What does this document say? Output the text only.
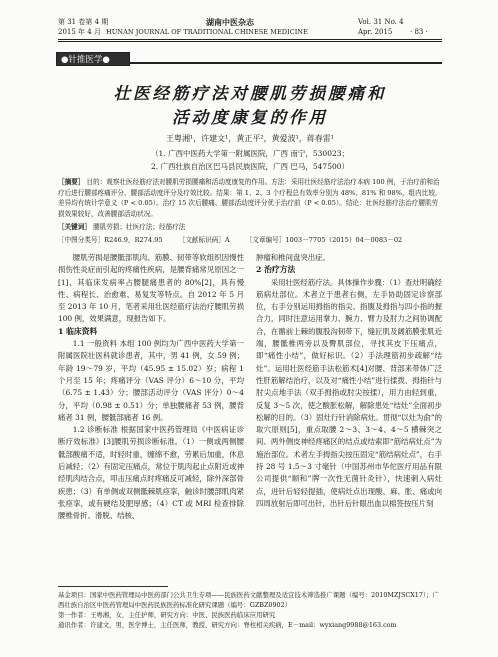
第 31 卷第 4 期	湖南中医杂志	Vol. 31 No. 4
2015 年 4 月 HUNAN JOURNAL OF TRADITIONAL CHINESE MEDICINE	Apr. 2015	· 83 ·
●针推医学●
壮医经筋疗法对腰肌劳损腰痛和
活动度康复的作用
王粤湘¹，许建文¹，黄正平²，黄爱波¹，蒋春雷¹
（1. 广西中医药大学第一附属医院，广西 南宁，530023；
2. 广西壮族自治区巴马县民族医院，广西 巴马，547500）
［摘要］ 目的：观察壮医经筋疗法对腰肌劳损腰痛和活动度康复的作用。方法：采用壮医经筋疗法治疗本病 100 例，于治疗前和治疗后进行腰部疼痛评分、腰部活动度评分及疗效比较。结果：第 1、2、3 个疗程总有效率分别为 48%、81% 和 98%，组内比较，差异均有统计学意义（P < 0.05）。治疗 15 次后腰痛、腰部活动度评分优于治疗前（P < 0.05）。结论：壮医经筋疗法治疗腰肌劳损效果较好，改善腰部活动状况。
［关键词］ 腰肌劳损；壮医疗法；经筋疗法
［中图分类号］R246.9，R274.95 ［文献标识码］A ［文章编号］1003－7705（2015）04－0083－02

腰肌劳损是腰骶部肌肉、筋膜、韧带等软组织因慢性损伤性炎症而引起的疼痛性疾病，是腰背痛常见原因之一[1]，其临床发病率占腰腿痛患者的 80%[2]，具有慢性、病程长、治愈难、易复发等特点。自 2012 年 5 月至 2013 年 10 月，笔者采用壮医经筋疗法治疗腰肌劳损 100 例，效果满意，现报告如下。

1 临床资料

1.1 一般资料 本组 100 例均为广西中医药大学第一附属医院壮医科就诊患者，其中，男 41 例，女 59 例；年龄 19～79 岁，平均（45.95 ± 15.02）岁；病程 1 个月至 15 年；疼痛评分（VAS 评分）6～10 分，平均（6.75 ± 1.43）分；腰部活动评分（VAS 评分）0～4 分，平均（0.98 ± 0.51）分；单独腰痛者 53 例，腰背痛者 31 例，腰骶部痛者 16 例。

1.2 诊断标准 根据国家中医药管理局《中医病证诊断疗效标准》[3]腰肌劳损诊断标准。（1）一侧或两侧腰骶部酸痛不适，时轻时重，缠绵不愈，劳累后加重，休息后减轻；（2）有固定压痛点，常位于肌肉起止点附近或神经肌肉结合点，叩击压痛点时疼痛反可减轻，除外深部骨疾患；（3）有单侧或双侧骶棘肌痉挛，触诊时腰部肌肉紧张痉挛，或有硬结及肥厚感；（4）CT 或 MRI 检查排除腰椎骨折、滑脱、结核、

肿瘤和椎间盘突出症。

2 治疗方法

采用壮医经筋疗法。具体操作步骤：（1）查灶明确经筋病灶部位。术者立于患者右侧，左手协助固定诊察部位，右手分别运用拇指的指尖、指腹及拇指与四小指的握合力，同时注意运用掌力、腕力、臂力及肘力之间协调配合，在髂前上棘的腹股沟韧带下，缝匠肌及阔筋膜张肌近端，腰骶椎两旁以及臀肌部位，寻找其皮下压痛点，即“痛性小结”，做好标识。（2）手法理筋初步疏解“结灶”。运用壮医经筋手法松筋术[4]对腰、背部来带体广泛性肝筋解结治疗，以及对“痛性小结”进行揉拨、拇指针与肘尖点地手法（双手拇指或肘尖按揉），用力由轻到重，反复 3～5 次，使之酸胀松解，解除患处“结灶”全面初步松解的目的。（3）固灶行针消除病灶。贯彻“以灶为俞”的取穴原则[5]，重点取腰 2～3、3～4、4～5 横棘突之间、两外侧皮神经疼痛区的结点或结索即“筋结病灶点”为施治部位。术者左手拇指尖按压固定“筋结病灶点”，右手持 28 号 1.5～3 寸毫针（中国苏州市华佗医疗用品有限公司提供“顺和”牌一次性无菌针灸针），快速刺入病灶点，进针后轻轻提插，使病灶点出现酸、麻、胀、痛或向四周放射后即可出针，出针后针眼出血以棉签按压片刻

基金项目：国家中医药管理局中医药部门公共卫生专项——民族医药文献整理及适宜技术筛选推广课题（编号：2010MZJSCX17）；广西壮族自治区中医药管理局中医药民族医药标准化研究课题（编号：GZBZ0902）

第一作者：王粤湘，女，主任护师，研究方向：中医、民族医药临床应用研究

通讯作者：许建文，男，医学博士，主任医师，教授，研究方向：脊柱相关疾病，E－mail：wyxiang9988@163.com
